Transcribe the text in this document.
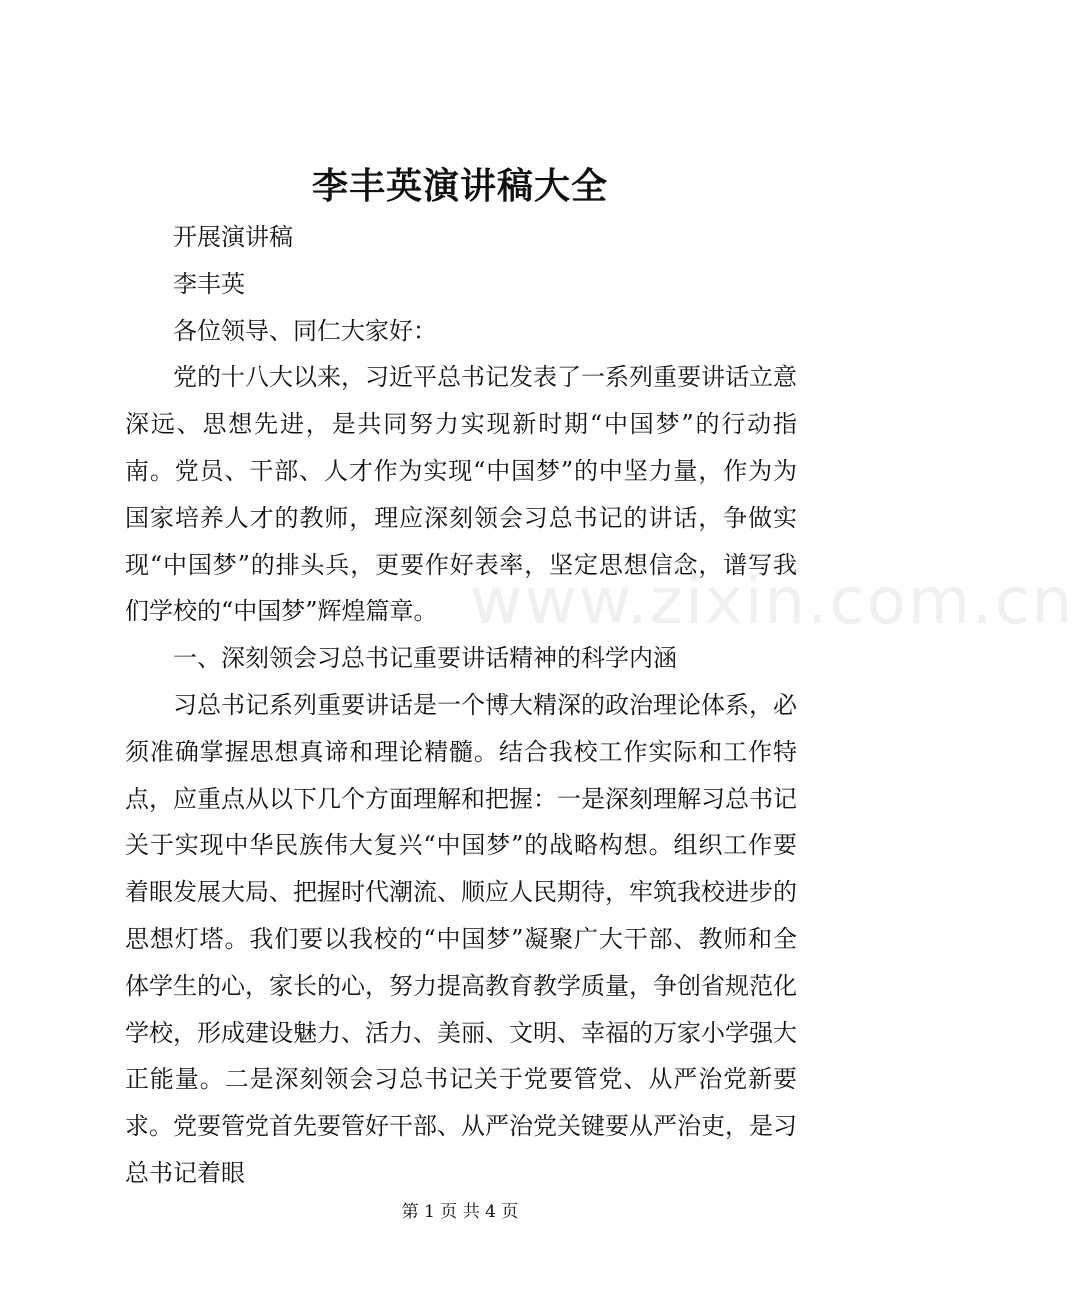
李丰英演讲稿大全

开展演讲稿

李丰英

各位领导、同仁大家好：

党的十八大以来，习近平总书记发表了一系列重要讲话立意深远、思想先进，是共同努力实现新时期“中国梦”的行动指南。党员、干部、人才作为实现“中国梦”的中坚力量，作为为国家培养人才的教师，理应深刻领会习总书记的讲话，争做实现“中国梦”的排头兵，更要作好表率，坚定思想信念，谱写我们学校的“中国梦”辉煌篇章。

一、深刻领会习总书记重要讲话精神的科学内涵

习总书记系列重要讲话是一个博大精深的政治理论体系，必须准确掌握思想真谛和理论精髓。结合我校工作实际和工作特点，应重点从以下几个方面理解和把握：一是深刻理解习总书记关于实现中华民族伟大复兴“中国梦”的战略构想。组织工作要着眼发展大局、把握时代潮流、顺应人民期待，牢筑我校进步的思想灯塔。我们要以我校的“中国梦”凝聚广大干部、教师和全体学生的心，家长的心，努力提高教育教学质量，争创省规范化学校，形成建设魅力、活力、美丽、文明、幸福的万家小学强大正能量。二是深刻领会习总书记关于党要管党、从严治党新要求。党要管党首先要管好干部、从严治党关键要从严治吏，是习总书记着眼

www.zixin.com.cn
第 1 页 共 4 页
